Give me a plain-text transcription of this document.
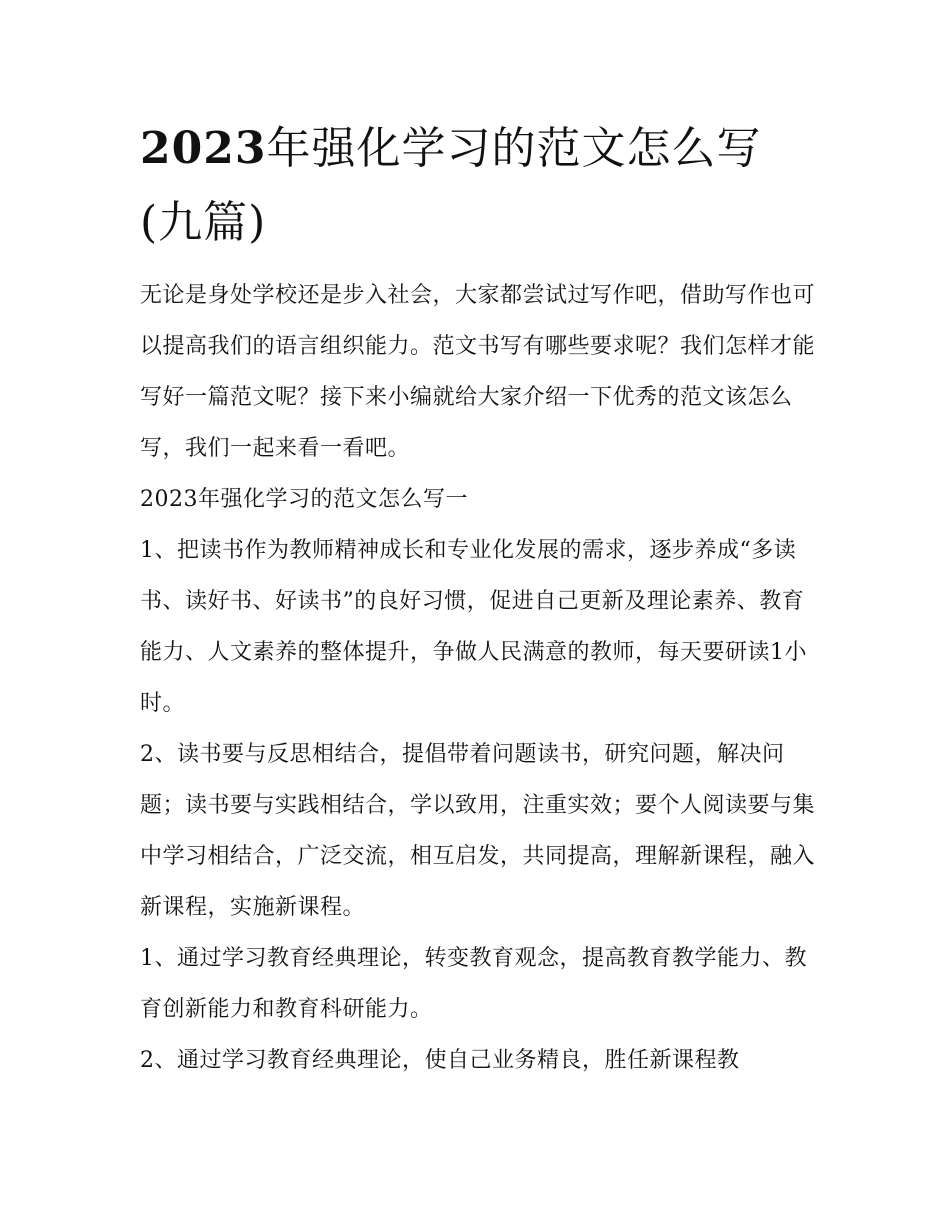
2023年强化学习的范文怎么写(九篇)

无论是身处学校还是步入社会，大家都尝试过写作吧，借助写作也可以提高我们的语言组织能力。范文书写有哪些要求呢？我们怎样才能写好一篇范文呢？接下来小编就给大家介绍一下优秀的范文该怎么写，我们一起来看一看吧。

2023年强化学习的范文怎么写一

1、把读书作为教师精神成长和专业化发展的需求，逐步养成“多读书、读好书、好读书”的良好习惯，促进自己更新及理论素养、教育能力、人文素养的整体提升，争做人民满意的教师，每天要研读1小时。

2、读书要与反思相结合，提倡带着问题读书，研究问题，解决问题；读书要与实践相结合，学以致用，注重实效；要个人阅读要与集中学习相结合，广泛交流，相互启发，共同提高，理解新课程，融入新课程，实施新课程。

1、通过学习教育经典理论，转变教育观念，提高教育教学能力、教育创新能力和教育科研能力。

2、通过学习教育经典理论，使自己业务精良，胜任新课程教
